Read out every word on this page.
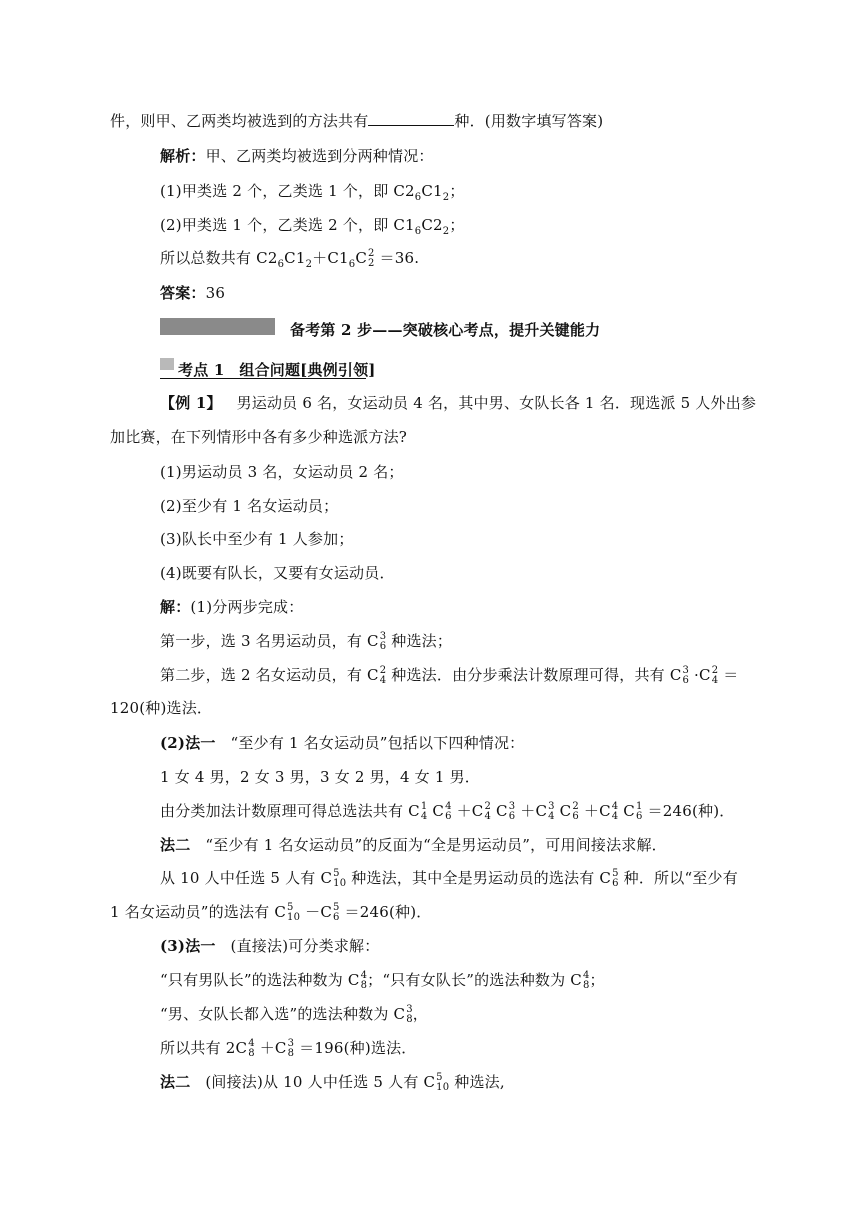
件，则甲、乙两类均被选到的方法共有	种．(用数字填写答案)
解析：甲、乙两类均被选到分两种情况：
(1)甲类选 2 个，乙类选 1 个，即 $C2_6C1_2$；
(2)甲类选 1 个，乙类选 2 个，即 $C1_6C2_2$；
所以总数共有 $C2_6C1_2+C1_6C$ 2
2 ＝36.
答案：36
备考第 2 步——突破核心考点，提升关键能力
考点 1 组合问题[典例引领]
【例 1】 男运动员 6 名，女运动员 4 名，其中男、女队长各 1 名．现选派 5 人外出参
加比赛，在下列情形中各有多少种选派方法?
(1)男运动员 3 名，女运动员 2 名；
(2)至少有 1 名女运动员；
(3)队长中至少有 1 人参加；
(4)既要有队长，又要有女运动员．
解：(1)分两步完成：
第一步，选 3 名男运动员，有 C 3
6 种选法；
第二步，选 2 名女运动员，有 C 2
4 种选法．由分步乘法计数原理可得，共有 C 3
6 ·C 2
4 ＝
120(种)选法．
(2)法一 “至少有 1 名女运动员”包括以下四种情况：
1 女 4 男，2 女 3 男，3 女 2 男，4 女 1 男．
由分类加法计数原理可得总选法共有 C 1
4 C 4
6 ＋C 2
4 C 3
6 ＋C 3
4 C 2
6 ＋C 4
4 C 1
6 ＝246(种)．
法二 “至少有 1 名女运动员”的反面为“全是男运动员”，可用间接法求解．
从 10 人中任选 5 人有 C 5
10 种选法，其中全是男运动员的选法有 C 5
6 种．所以“至少有
1 名女运动员”的选法有 C 5
10 －C 5
6 ＝246(种)．
(3)法一 (直接法)可分类求解：
“只有男队长”的选法种数为 C 4
8 ；“只有女队长”的选法种数为 C 4
8 ；
“男、女队长都入选”的选法种数为 C 3
8 ，
所以共有 2C 4
8 ＋C 3
8 ＝196(种)选法．
法二 (间接法)从 10 人中任选 5 人有 C 5
10 种选法,
